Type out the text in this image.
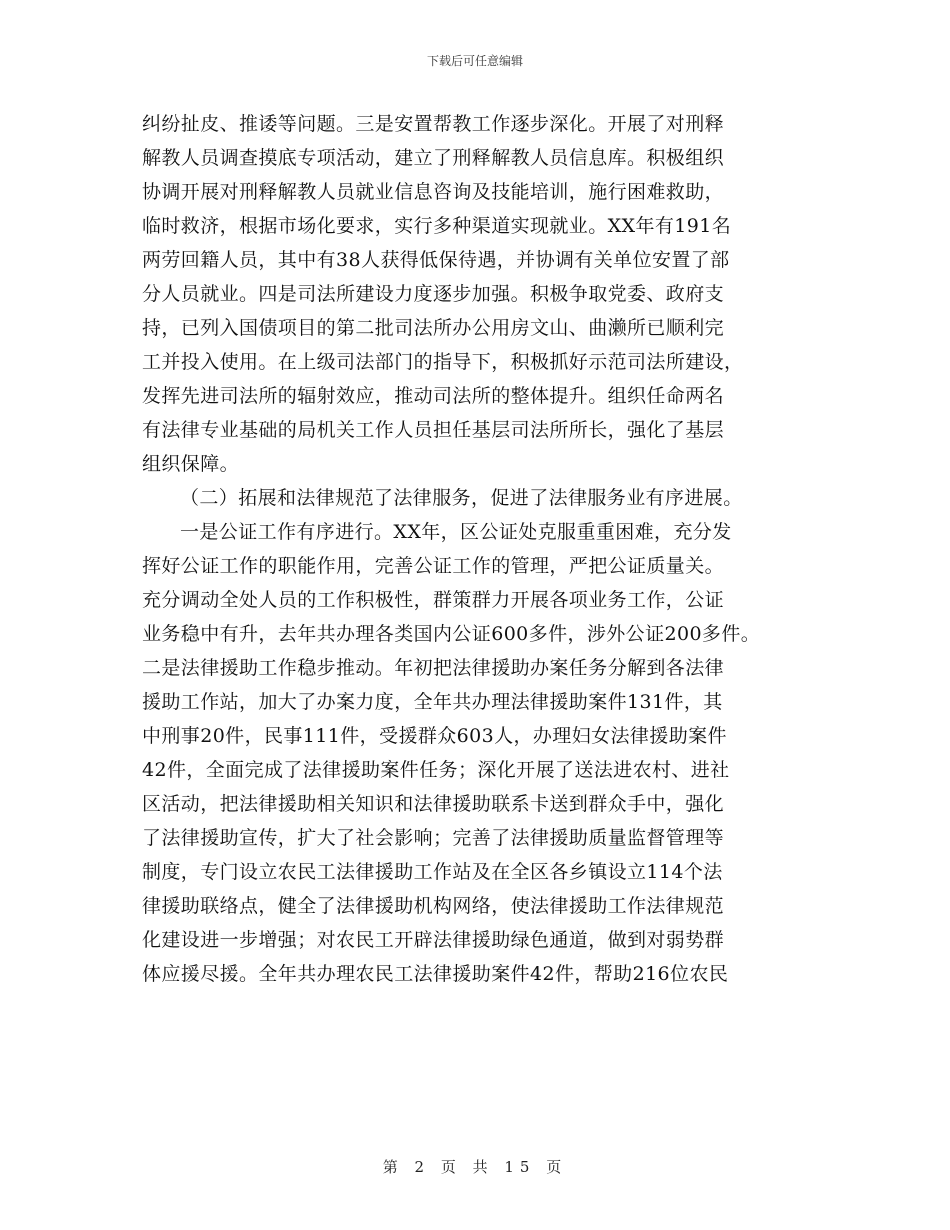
下载后可任意编辑
纠纷扯皮、推诿等问题。三是安置帮教工作逐步深化。开展了对刑释
解教人员调查摸底专项活动，建立了刑释解教人员信息库。积极组织
协调开展对刑释解教人员就业信息咨询及技能培训，施行困难救助，
临时救济，根据市场化要求，实行多种渠道实现就业。XX年有191名
两劳回籍人员，其中有38人获得低保待遇，并协调有关单位安置了部
分人员就业。四是司法所建设力度逐步加强。积极争取党委、政府支
持，已列入国债项目的第二批司法所办公用房文山、曲濑所已顺利完
工并投入使用。在上级司法部门的指导下，积极抓好示范司法所建设，
发挥先进司法所的辐射效应，推动司法所的整体提升。组织任命两名
有法律专业基础的局机关工作人员担任基层司法所所长，强化了基层
组织保障。
（二）拓展和法律规范了法律服务，促进了法律服务业有序进展。
一是公证工作有序进行。XX年，区公证处克服重重困难，充分发
挥好公证工作的职能作用，完善公证工作的管理，严把公证质量关。
充分调动全处人员的工作积极性，群策群力开展各项业务工作，公证
业务稳中有升，去年共办理各类国内公证600多件，涉外公证200多件。
二是法律援助工作稳步推动。年初把法律援助办案任务分解到各法律
援助工作站，加大了办案力度，全年共办理法律援助案件131件，其
中刑事20件，民事111件，受援群众603人，办理妇女法律援助案件
42件，全面完成了法律援助案件任务；深化开展了送法进农村、进社
区活动，把法律援助相关知识和法律援助联系卡送到群众手中，强化
了法律援助宣传，扩大了社会影响；完善了法律援助质量监督管理等
制度，专门设立农民工法律援助工作站及在全区各乡镇设立114个法
律援助联络点，健全了法律援助机构网络，使法律援助工作法律规范
化建设进一步增强；对农民工开辟法律援助绿色通道，做到对弱势群
体应援尽援。全年共办理农民工法律援助案件42件，帮助216位农民
第 2 页 共 15 页
